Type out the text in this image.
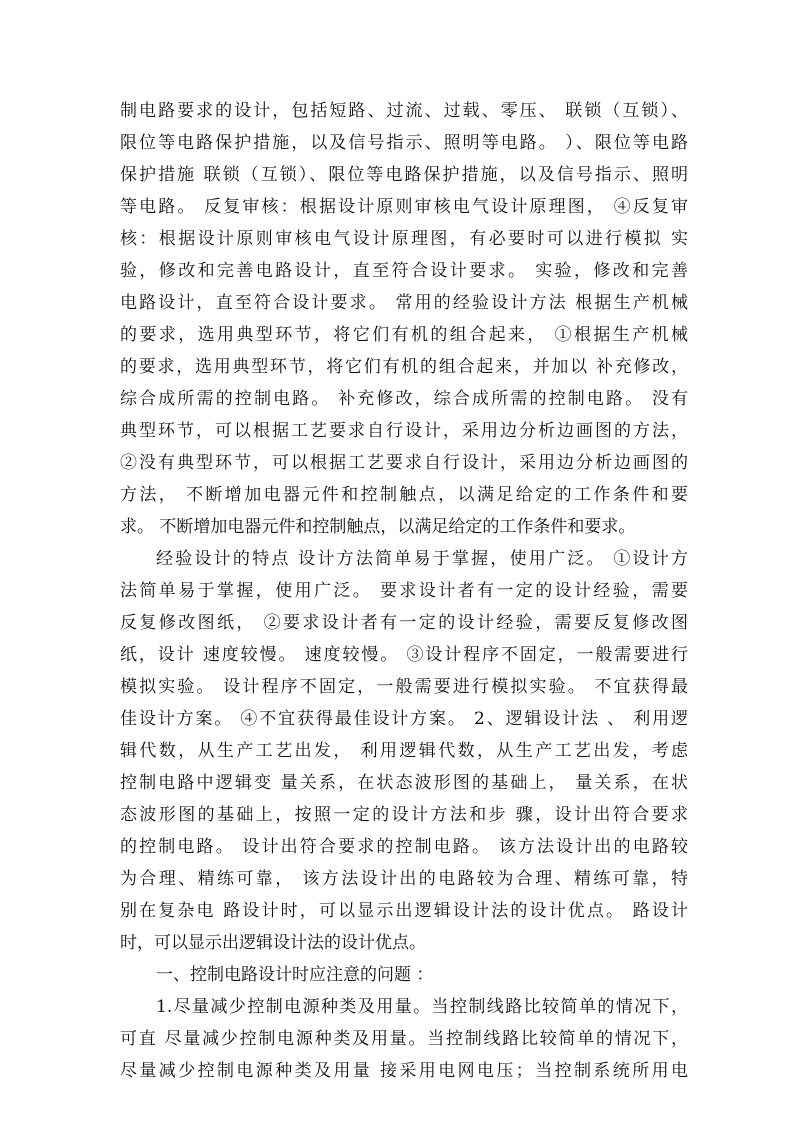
制电路要求的设计，包括短路、过流、过载、零压、 联锁（互锁）、
限位等电路保护措施，以及信号指示、照明等电路。 ）、限位等电路
保护措施 联锁（互锁）、限位等电路保护措施，以及信号指示、照明
等电路。 反复审核：根据设计原则审核电气设计原理图， ④反复审
核：根据设计原则审核电气设计原理图，有必要时可以进行模拟 实
验，修改和完善电路设计，直至符合设计要求。 实验，修改和完善
电路设计，直至符合设计要求。 常用的经验设计方法 根据生产机械
的要求，选用典型环节，将它们有机的组合起来， ①根据生产机械
的要求，选用典型环节，将它们有机的组合起来，并加以 补充修改，
综合成所需的控制电路。 补充修改，综合成所需的控制电路。 没有
典型环节，可以根据工艺要求自行设计，采用边分析边画图的方法，
②没有典型环节，可以根据工艺要求自行设计，采用边分析边画图的
方法， 不断增加电器元件和控制触点，以满足给定的工作条件和要
求。 不断增加电器元件和控制触点，以满足给定的工作条件和要求。
经验设计的特点 设计方法简单易于掌握，使用广泛。 ①设计方
法简单易于掌握，使用广泛。 要求设计者有一定的设计经验，需要
反复修改图纸， ②要求设计者有一定的设计经验，需要反复修改图
纸，设计 速度较慢。 速度较慢。 ③设计程序不固定，一般需要进行
模拟实验。 设计程序不固定，一般需要进行模拟实验。 不宜获得最
佳设计方案。 ④不宜获得最佳设计方案。 2、逻辑设计法 、 利用逻
辑代数，从生产工艺出发， 利用逻辑代数，从生产工艺出发，考虑
控制电路中逻辑变 量关系，在状态波形图的基础上， 量关系，在状
态波形图的基础上，按照一定的设计方法和步 骤，设计出符合要求
的控制电路。 设计出符合要求的控制电路。 该方法设计出的电路较
为合理、精练可靠， 该方法设计出的电路较为合理、精练可靠，特
别在复杂电 路设计时，可以显示出逻辑设计法的设计优点。 路设计
时，可以显示出逻辑设计法的设计优点。
一、控制电路设计时应注意的问题 ：
1.尽量减少控制电源种类及用量。当控制线路比较简单的情况下，
可直 尽量减少控制电源种类及用量。当控制线路比较简单的情况下，
尽量减少控制电源种类及用量 接采用电网电压；当控制系统所用电
